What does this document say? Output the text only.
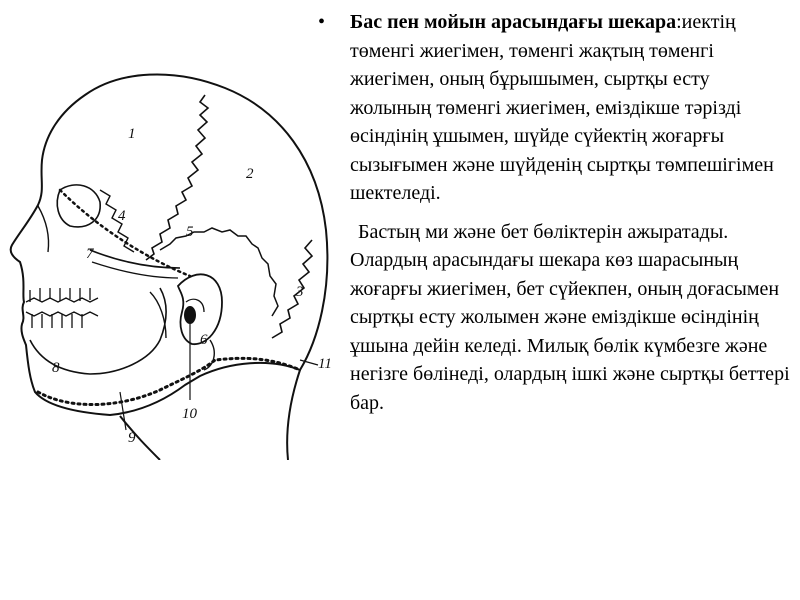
1
2
3
4
5
6
7
8
9
10
11
• Бас пен мойын арасындағы шекара:иектің төменгі жиегімен, төменгі жақтың төменгі жиегімен, оның бұрышымен, сыртқы есту жолының төменгі жиегімен, еміздікше тәрізді өсіндінің ұшымен, шүйде сүйектің жоғарғы сызығымен және шүйденің сыртқы төмпешігімен шектеледі.
Бастың ми және бет бөліктерін ажыратады. Олардың арасындағы шекара көз шарасының жоғарғы жиегімен, бет сүйекпен, оның доғасымен сыртқы есту жолымен және еміздікше өсіндінің ұшына дейін келеді. Милық бөлік күмбезге және негізге бөлінеді, олардың ішкі және сыртқы беттері бар.
